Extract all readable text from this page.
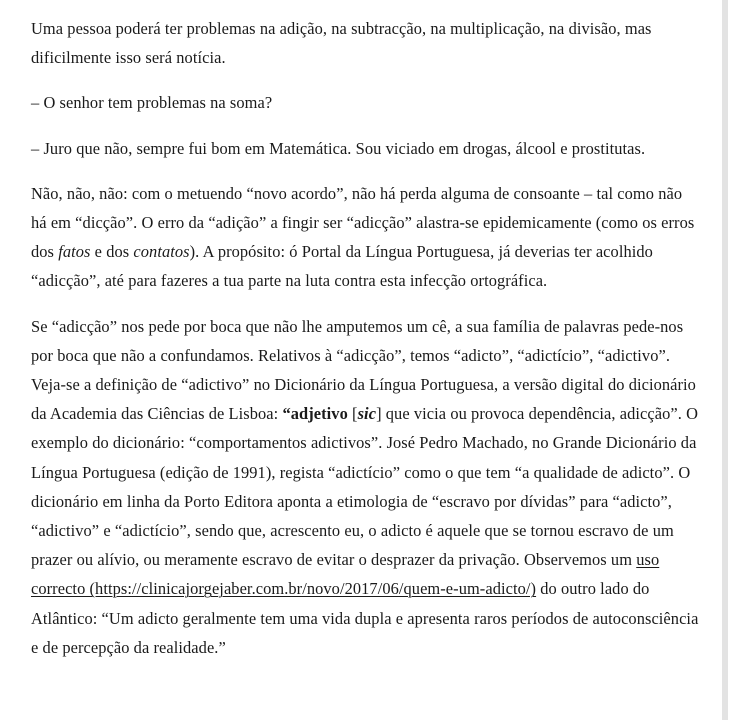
Uma pessoa poderá ter problemas na adição, na subtracção, na multiplicação, na divisão, mas dificilmente isso será notícia.

– O senhor tem problemas na soma?

– Juro que não, sempre fui bom em Matemática. Sou viciado em drogas, álcool e prostitutas.

Não, não, não: com o metuendo “novo acordo”, não há perda alguma de consoante – tal como não há em “dicção”. O erro da “adição” a fingir ser “adicção” alastra-se epidemicamente (como os erros dos fatos e dos contatos). A propósito: ó Portal da Língua Portuguesa, já deverias ter acolhido “adicção”, até para fazeres a tua parte na luta contra esta infecção ortográfica.

Se “adicção” nos pede por boca que não lhe amputemos um cê, a sua família de palavras pede-nos por boca que não a confundamos. Relativos à “adicção”, temos “adicto”, “adictício”, “adictivo”. Veja-se a definição de “adictivo” no Dicionário da Língua Portuguesa, a versão digital do dicionário da Academia das Ciências de Lisboa: “adjetivo [sic] que vicia ou provoca dependência, adicção”. O exemplo do dicionário: “comportamentos adictivos”. José Pedro Machado, no Grande Dicionário da Língua Portuguesa (edição de 1991), regista “adictício” como o que tem “a qualidade de adicto”. O dicionário em linha da Porto Editora aponta a etimologia de “escravo por dívidas” para “adicto”, “adictivo” e “adictício”, sendo que, acrescento eu, o adicto é aquele que se tornou escravo de um prazer ou alívio, ou meramente escravo de evitar o desprazer da privação. Observemos um uso correcto (https://clinicajorgejaber.com.br/novo/2017/06/quem-e-um-adicto/) do outro lado do Atlântico: “Um adicto geralmente tem uma vida dupla e apresenta raros períodos de autoconsciência e de percepção da realidade.”
